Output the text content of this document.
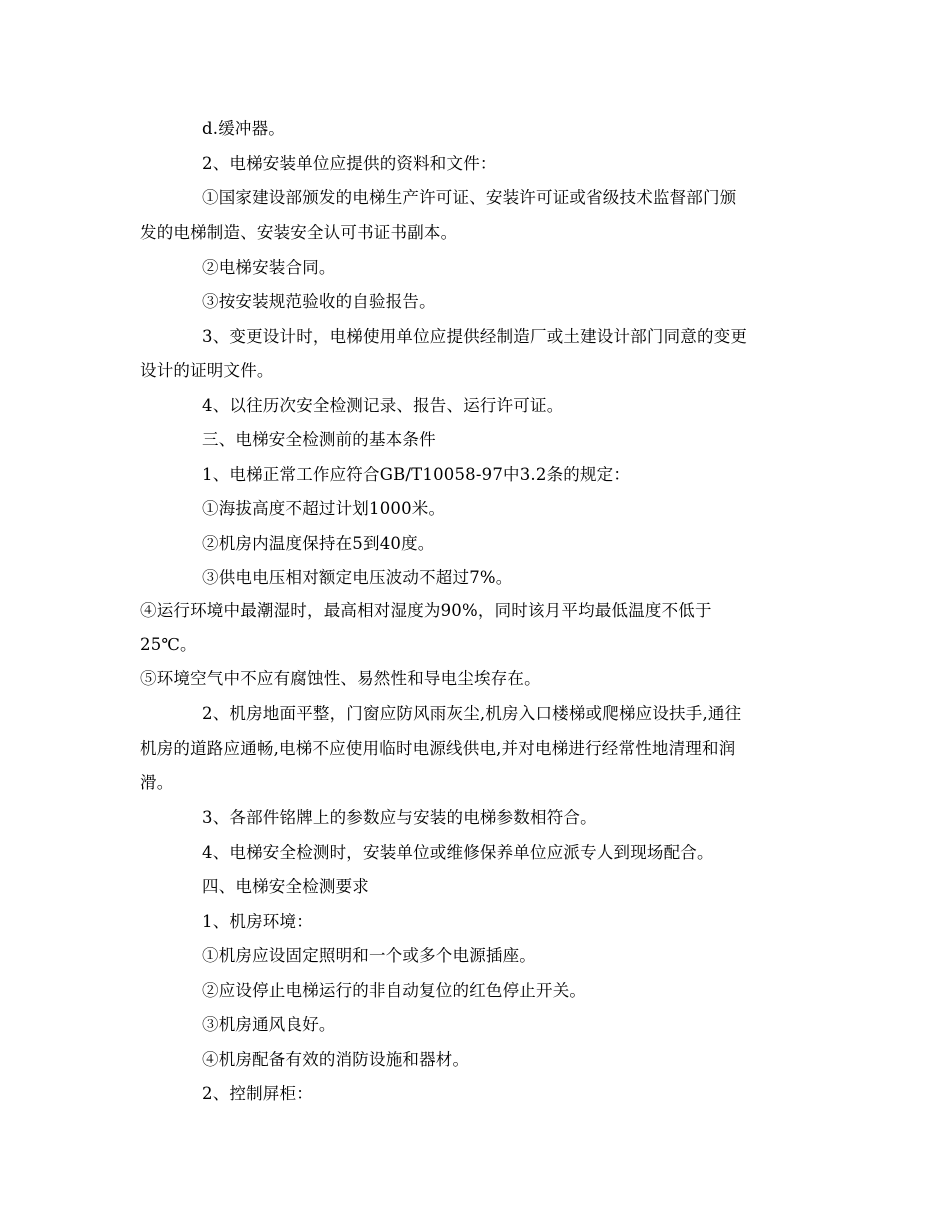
d.缓冲器。
2、电梯安装单位应提供的资料和文件：
①国家建设部颁发的电梯生产许可证、安装许可证或省级技术监督部门颁
发的电梯制造、安装安全认可书证书副本。
②电梯安装合同。
③按安装规范验收的自验报告。
3、变更设计时，电梯使用单位应提供经制造厂或土建设计部门同意的变更
设计的证明文件。
4、以往历次安全检测记录、报告、运行许可证。
三、电梯安全检测前的基本条件
1、电梯正常工作应符合GB/T10058-97中3.2条的规定：
①海拔高度不超过计划1000米。
②机房内温度保持在5到40度。
③供电电压相对额定电压波动不超过7%。
④运行环境中最潮湿时，最高相对湿度为90%，同时该月平均最低温度不低于
25℃。
⑤环境空气中不应有腐蚀性、易然性和导电尘埃存在。
2、机房地面平整，门窗应防风雨灰尘,机房入口楼梯或爬梯应设扶手,通往
机房的道路应通畅,电梯不应使用临时电源线供电,并对电梯进行经常性地清理和润
滑。
3、各部件铭牌上的参数应与安装的电梯参数相符合。
4、电梯安全检测时，安装单位或维修保养单位应派专人到现场配合。
四、电梯安全检测要求
1、机房环境：
①机房应设固定照明和一个或多个电源插座。
②应设停止电梯运行的非自动复位的红色停止开关。
③机房通风良好。
④机房配备有效的消防设施和器材。
2、控制屏柜：
